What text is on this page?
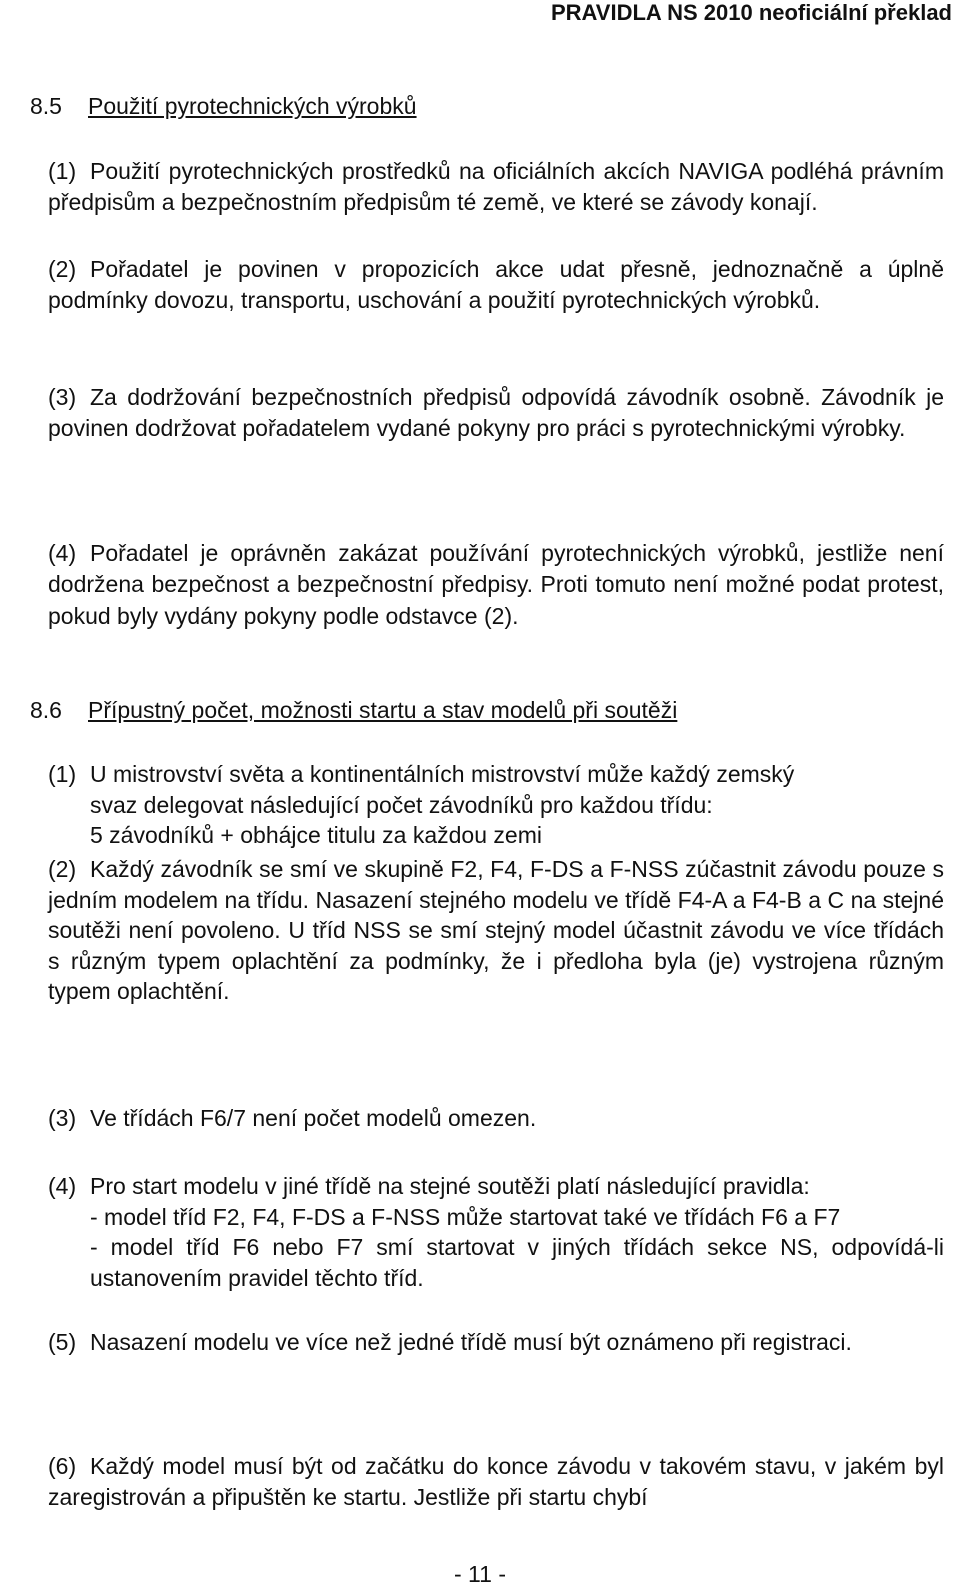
PRAVIDLA NS 2010 neoficiální překlad
8.5 Použití pyrotechnických výrobků
(1) Použití pyrotechnických prostředků na oficiálních akcích NAVIGA podléhá právním předpisům a bezpečnostním předpisům té země, ve které se závody konají.
(2) Pořadatel je povinen v propozicích akce udat přesně, jednoznačně a úplně podmínky dovozu, transportu, uschování a použití pyrotechnických výrobků.
(3) Za dodržování bezpečnostních předpisů odpovídá závodník osobně. Závodník je povinen dodržovat pořadatelem vydané pokyny pro práci s pyrotechnickými výrobky.
(4) Pořadatel je oprávněn zakázat používání pyrotechnických výrobků, jestliže není dodržena bezpečnost a bezpečnostní předpisy. Proti tomuto není možné podat protest, pokud byly vydány pokyny podle odstavce (2).
8.6 Přípustný počet, možnosti startu a stav modelů při soutěži
(1) U mistrovství světa a kontinentálních mistrovství může každý zemský
svaz delegovat následující počet závodníků pro každou třídu:
5 závodníků + obhájce titulu za každou zemi
(2) Každý závodník se smí ve skupině F2, F4, F-DS a F-NSS zúčastnit závodu pouze s jedním modelem na třídu. Nasazení stejného modelu ve třídě F4-A a F4-B a C na stejné soutěži není povoleno. U tříd NSS se smí stejný model účastnit závodu ve více třídách s různým typem oplachtění za podmínky, že i předloha byla (je) vystrojena různým typem oplachtění.
(3) Ve třídách F6/7 není počet modelů omezen.
(4) Pro start modelu v jiné třídě na stejné soutěži platí následující pravidla:
- model tříd F2, F4, F-DS a F-NSS může startovat také ve třídách F6 a F7
- model tříd F6 nebo F7 smí startovat v jiných třídách sekce NS, odpovídá-li ustanovením pravidel těchto tříd.
(5) Nasazení modelu ve více než jedné třídě musí být oznámeno při registraci.
(6) Každý model musí být od začátku do konce závodu v takovém stavu, v jakém byl zaregistrován a připuštěn ke startu. Jestliže při startu chybí
- 11 -
